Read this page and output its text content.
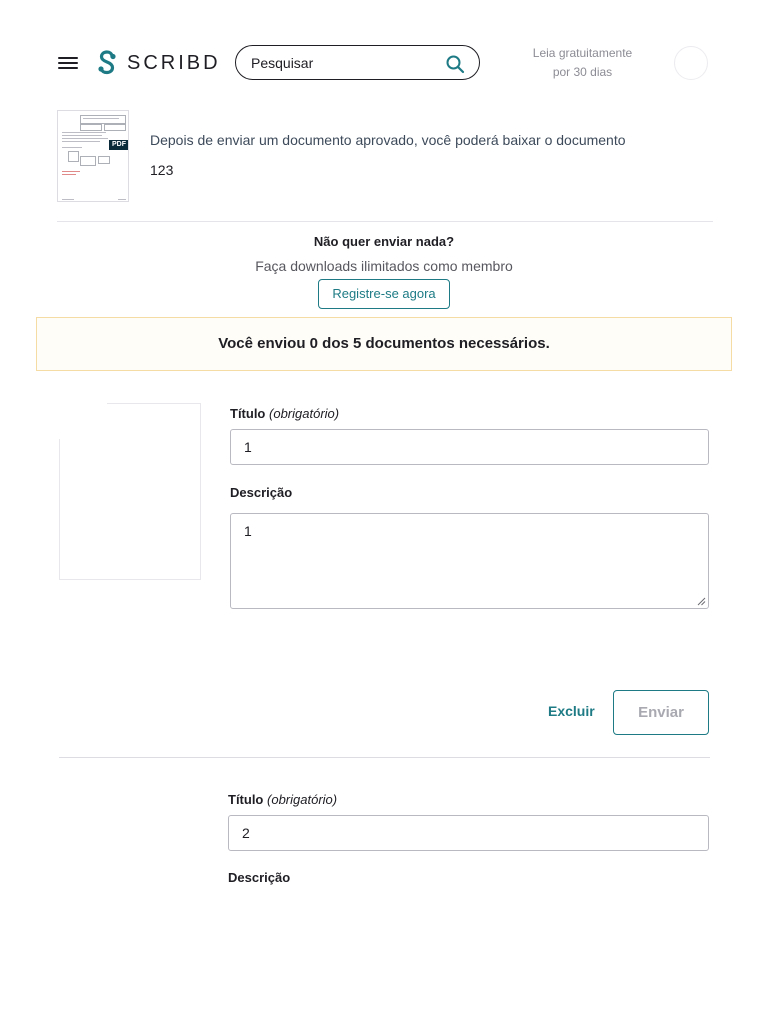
SCRIBD
Pesquisar	Leia gratuitamente
por 30 dias
PDF Depois de enviar um documento aprovado, você poderá baixar o documento
123
Não quer enviar nada?
Faça downloads ilimitados como membro
Registre-se agora
Você enviou 0 dos 5 documentos necessários.
Título (obrigatório)
1
Descrição
1
Excluir	Enviar
Título (obrigatório)
2
Descrição
